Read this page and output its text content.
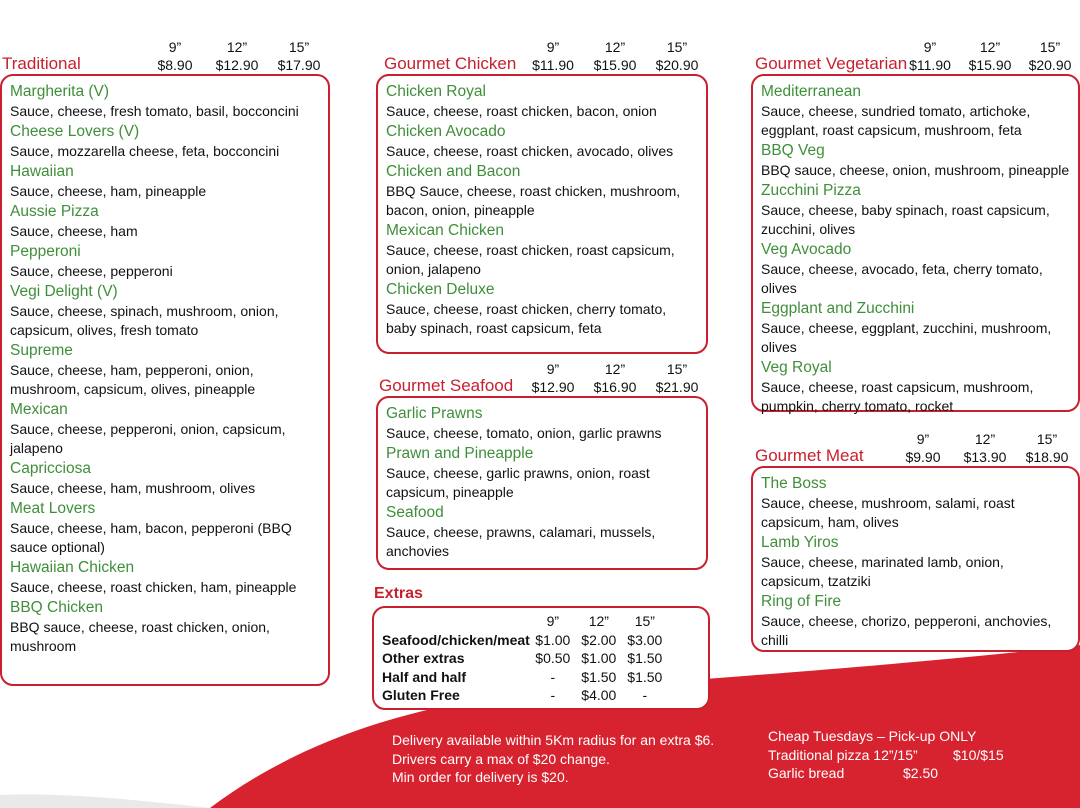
Traditional
9”
$8.90
12”
$12.90
15”
$17.90
Margherita (V)
Sauce, cheese, fresh tomato, basil, bocconcini
Cheese Lovers (V)
Sauce, mozzarella cheese, feta, bocconcini
Hawaiian
Sauce, cheese, ham, pineapple
Aussie Pizza
Sauce, cheese, ham
Pepperoni
Sauce, cheese, pepperoni
Vegi Delight (V)
Sauce, cheese, spinach, mushroom, onion, capsicum, olives, fresh tomato
Supreme
Sauce, cheese, ham, pepperoni, onion, mushroom, capsicum, olives, pineapple
Mexican
Sauce, cheese, pepperoni, onion, capsicum, jalapeno
Capricciosa
Sauce, cheese, ham, mushroom, olives
Meat Lovers
Sauce, cheese, ham, bacon, pepperoni (BBQ sauce optional)
Hawaiian Chicken
Sauce, cheese, roast chicken, ham, pineapple
BBQ Chicken
BBQ sauce, cheese, roast chicken, onion, mushroom
Gourmet Chicken
9”
$11.90
12”
$15.90
15”
$20.90
Chicken Royal
Sauce, cheese, roast chicken, bacon, onion
Chicken Avocado
Sauce, cheese, roast chicken, avocado, olives
Chicken and Bacon
BBQ Sauce, cheese, roast chicken, mushroom, bacon, onion, pineapple
Mexican Chicken
Sauce, cheese, roast chicken, roast capsicum, onion, jalapeno
Chicken Deluxe
Sauce, cheese, roast chicken, cherry tomato, baby spinach, roast capsicum, feta
Gourmet Seafood
9”
$12.90
12”
$16.90
15”
$21.90
Garlic Prawns
Sauce, cheese, tomato, onion, garlic prawns
Prawn and Pineapple
Sauce, cheese, garlic prawns, onion, roast capsicum, pineapple
Seafood
Sauce, cheese, prawns, calamari, mussels, anchovies
Extras
	9”	12”	15”
Seafood/chicken/meat	$1.00	$2.00	$3.00
Other extras	$0.50	$1.00	$1.50
Half and half	-	$1.50	$1.50
Gluten Free	-	$4.00	-
Gourmet Vegetarian
9”
$11.90
12”
$15.90
15”
$20.90
Mediterranean
Sauce, cheese, sundried tomato, artichoke, eggplant, roast capsicum, mushroom, feta
BBQ Veg
BBQ sauce, cheese, onion, mushroom, pineapple
Zucchini Pizza
Sauce, cheese, baby spinach, roast capsicum, zucchini, olives
Veg Avocado
Sauce, cheese, avocado, feta, cherry tomato, olives
Eggplant and Zucchini
Sauce, cheese, eggplant, zucchini, mushroom, olives
Veg Royal
Sauce, cheese, roast capsicum, mushroom, pumpkin, cherry tomato, rocket
Gourmet Meat
9”
$9.90
12”
$13.90
15”
$18.90
The Boss
Sauce, cheese, mushroom, salami, roast capsicum, ham, olives
Lamb Yiros
Sauce, cheese, marinated lamb, onion, capsicum, tzatziki
Ring of Fire
Sauce, cheese, chorizo, pepperoni, anchovies, chilli
Delivery available within 5Km radius for an extra $6.
Drivers carry a max of $20 change.
Min order for delivery is $20.
Cheap Tuesdays – Pick-up ONLY
Traditional pizza 12”/15”	$10/$15
Garlic bread	$2.50
